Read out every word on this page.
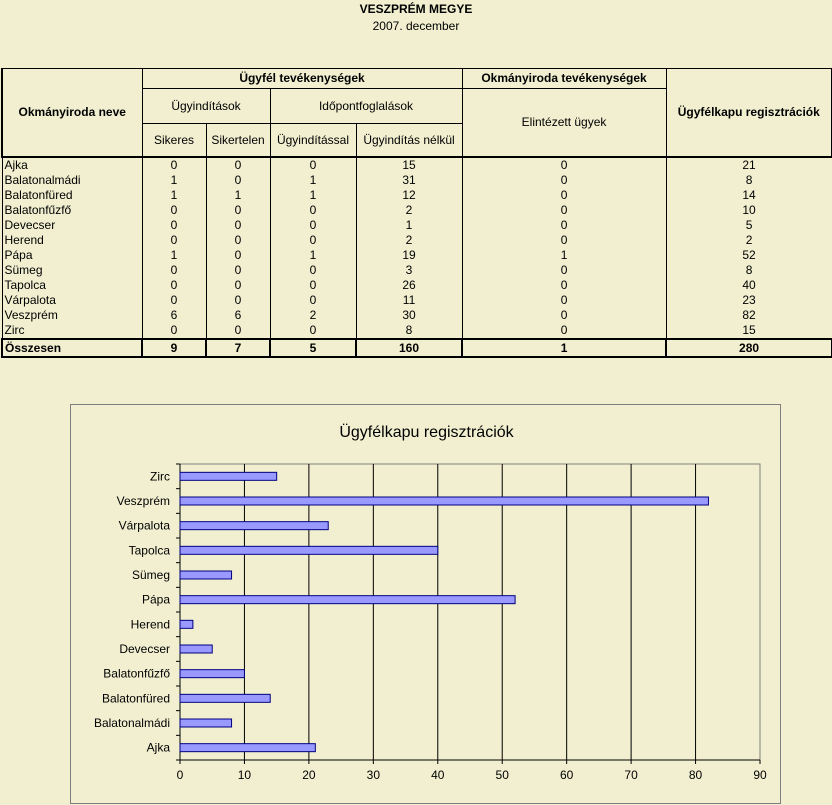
VESZPRÉM MEGYE
2007. december
Okmányiroda neve	Ügyfél tevékenységek				Okmányiroda tevékenységek	Ügyfélkapu regisztrációk
	Ügyindítások		Időpontfoglalások		Elintézett ügyek	
	Sikeres	Sikertelen	Ügyindítással	Ügyindítás nélkül		
Ajka	0	0	0	15	0	21
Balatonalmádi	1	0	1	31	0	8
Balatonfüred	1	1	1	12	0	14
Balatonfűzfő	0	0	0	2	0	10
Devecser	0	0	0	1	0	5
Herend	0	0	0	2	0	2
Pápa	1	0	1	19	1	52
Sümeg	0	0	0	3	0	8
Tapolca	0	0	0	26	0	40
Várpalota	0	0	0	11	0	23
Veszprém	6	6	2	30	0	82
Zirc	0	0	0	8	0	15
Összesen	9	7	5	160	1	280
Ügyfélkapu regisztrációk
0	10	20	30	40	50	60	70	80	90
Ajka
Balatonalmádi
Balatonfüred
Balatonfűzfő
Devecser
Herend
Pápa
Sümeg
Tapolca
Várpalota
Veszprém
Zirc
